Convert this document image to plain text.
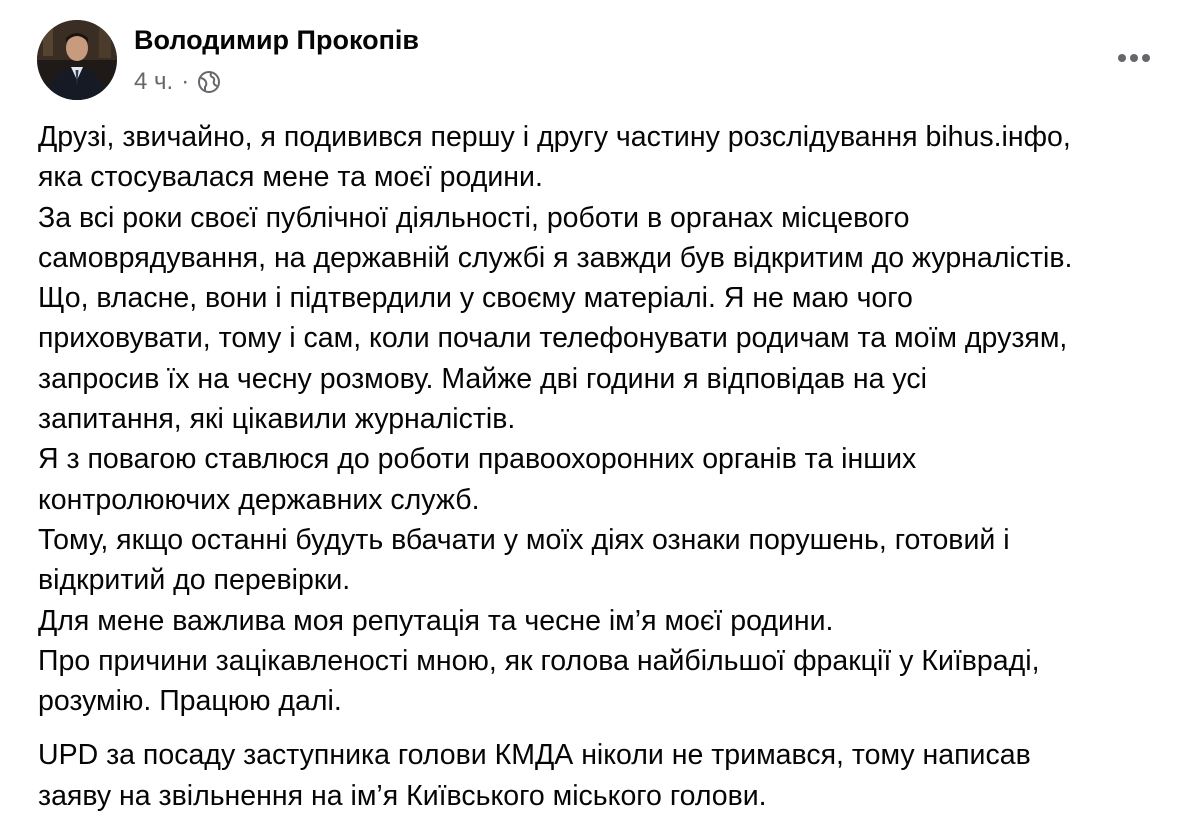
Володимир Прокопів
4 ч. ·

Друзі, звичайно, я подивився першу і другу частину розслідування bihus.інфо,

яка стосувалася мене та моєї родини.

За всі роки своєї публічної діяльності, роботи в органах місцевого

самоврядування, на державній службі я завжди був відкритим до журналістів.

Що, власне, вони і підтвердили у своєму матеріалі. Я не маю чого

приховувати, тому і сам, коли почали телефонувати родичам та моїм друзям,

запросив їх на чесну розмову. Майже дві години я відповідав на усі

запитання, які цікавили журналістів.

Я з повагою ставлюся до роботи правоохоронних органів та інших

контролюючих державних служб.

Тому, якщо останні будуть вбачати у моїх діях ознаки порушень, готовий і

відкритий до перевірки.

Для мене важлива моя репутація та чесне ім’я моєї родини.

Про причини зацікавленості мною, як голова найбільшої фракції у Київраді,

розумію. Працюю далі.

UPD за посаду заступника голови КМДА ніколи не тримався, тому написав

заяву на звільнення на ім’я Київського міського голови.
